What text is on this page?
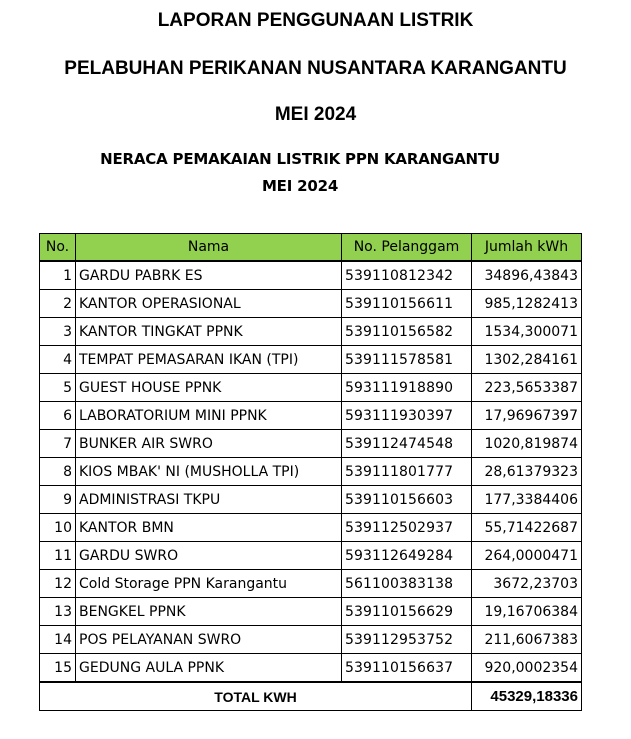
LAPORAN PENGGUNAAN LISTRIK
PELABUHAN PERIKANAN NUSANTARA KARANGANTU
MEI 2024
NERACA PEMAKAIAN LISTRIK PPN KARANGANTU
MEI 2024
No.	Nama	No. Pelanggam	Jumlah kWh
1	GARDU PABRK ES	539110812342	34896,43843
2	KANTOR OPERASIONAL	539110156611	985,1282413
3	KANTOR TINGKAT PPNK	539110156582	1534,300071
4	TEMPAT PEMASARAN IKAN (TPI)	539111578581	1302,284161
5	GUEST HOUSE PPNK	593111918890	223,5653387
6	LABORATORIUM MINI PPNK	593111930397	17,96967397
7	BUNKER AIR SWRO	539112474548	1020,819874
8	KIOS MBAK' NI (MUSHOLLA TPI)	539111801777	28,61379323
9	ADMINISTRASI TKPU	539110156603	177,3384406
10	KANTOR BMN	539112502937	55,71422687
11	GARDU SWRO	593112649284	264,0000471
12	Cold Storage PPN Karangantu	561100383138	3672,23703
13	BENGKEL PPNK	539110156629	19,16706384
14	POS PELAYANAN SWRO	539112953752	211,6067383
15	GEDUNG AULA PPNK	539110156637	920,0002354
TOTAL KWH			45329,18336
